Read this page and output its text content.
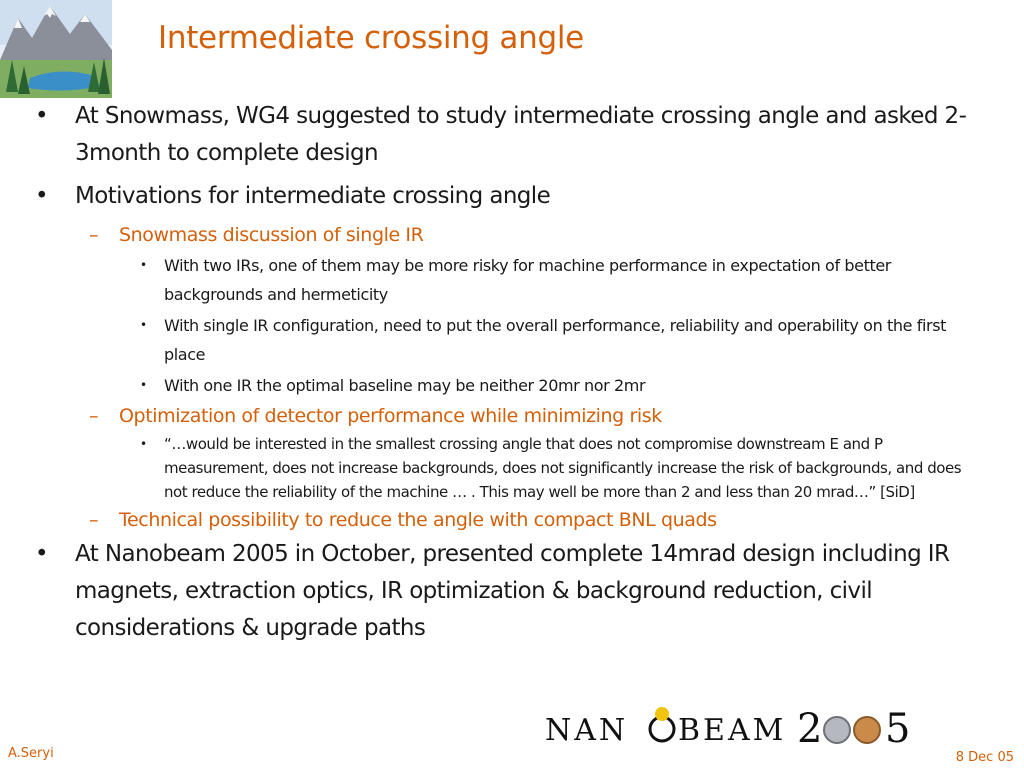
Intermediate crossing angle
• At Snowmass, WG4 suggested to study intermediate crossing angle and asked 2-3month to complete design
• Motivations for intermediate crossing angle
– Snowmass discussion of single IR
• With two IRs, one of them may be more risky for machine performance in expectation of better backgrounds and hermeticity
• With single IR configuration, need to put the overall performance, reliability and operability on the first place
• With one IR the optimal baseline may be neither 20mr nor 2mr
– Optimization of detector performance while minimizing risk
• “…would be interested in the smallest crossing angle that does not compromise downstream E and P measurement, does not increase backgrounds, does not significantly increase the risk of backgrounds, and does not reduce the reliability of the machine … . This may well be more than 2 and less than 20 mrad…” [SiD]
– Technical possibility to reduce the angle with compact BNL quads
• At Nanobeam 2005 in October, presented complete 14mrad design including IR magnets, extraction optics, IR optimization & background reduction, civil considerations & upgrade paths
NAN BEAM 2 5
A.Seryi	8 Dec 05
